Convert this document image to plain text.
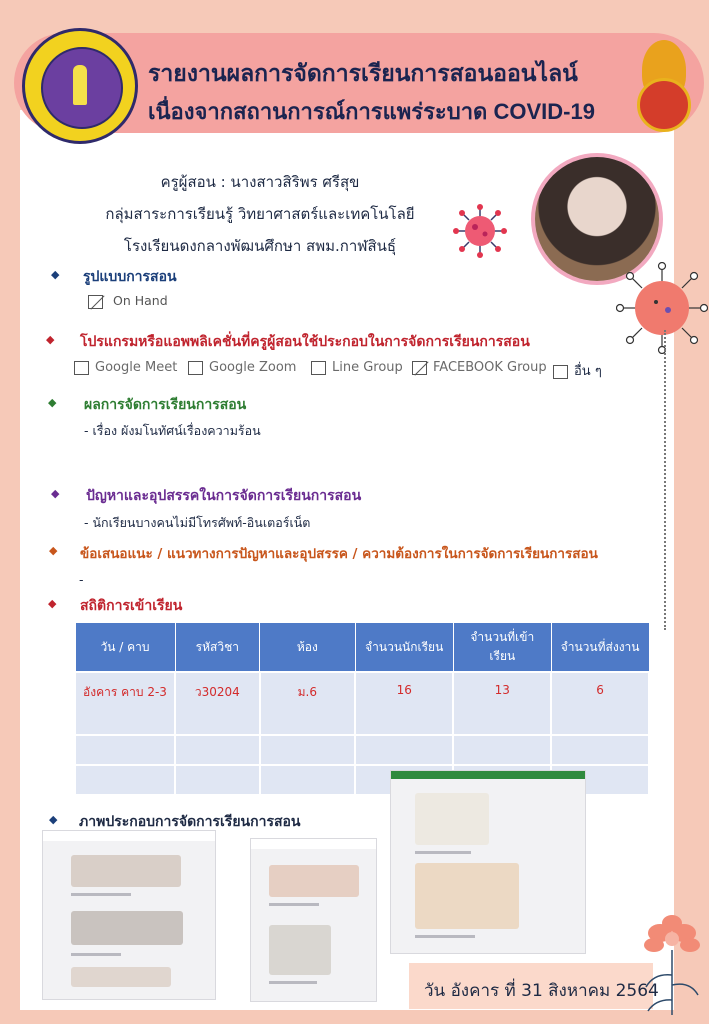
รายงานผลการจัดการเรียนการสอนออนไลน์
เนื่องจากสถานการณ์การแพร่ระบาด COVID-19
ครูผู้สอน : นางสาวสิริพร ศรีสุข
กลุ่มสาระการเรียนรู้ วิทยาศาสตร์และเทคโนโลยี
โรงเรียนดงกลางพัฒนศึกษา สพม.กาฬสินธุ์
◆ รูปแบบการสอน
On Hand
◆ โปรแกรมหรือแอพพลิเคชั่นที่ครูผู้สอนใช้ประกอบในการจัดการเรียนการสอน
Google Meet	Google Zoom	Line Group	FACEBOOK Group	อื่น ๆ
◆ ผลการจัดการเรียนการสอน
- เรื่อง ผังมโนทัศน์เรื่องความร้อน
◆ ปัญหาและอุปสรรคในการจัดการเรียนการสอน
- นักเรียนบางคนไม่มีโทรศัพท์-อินเตอร์เน็ต
◆ ข้อเสนอแนะ / แนวทางการปัญหาและอุปสรรค / ความต้องการในการจัดการเรียนการสอน
-
◆ สถิติการเข้าเรียน
วัน / คาบ	รหัสวิชา	ห้อง	จำนวนนักเรียน	จำนวนที่เข้าเรียน	จำนวนที่ส่งงาน
อังคาร คาบ 2-3	ว30204	ม.6	16	13	6

◆ ภาพประกอบการจัดการเรียนการสอน
วัน อังคาร ที่ 31 สิงหาคม 2564
